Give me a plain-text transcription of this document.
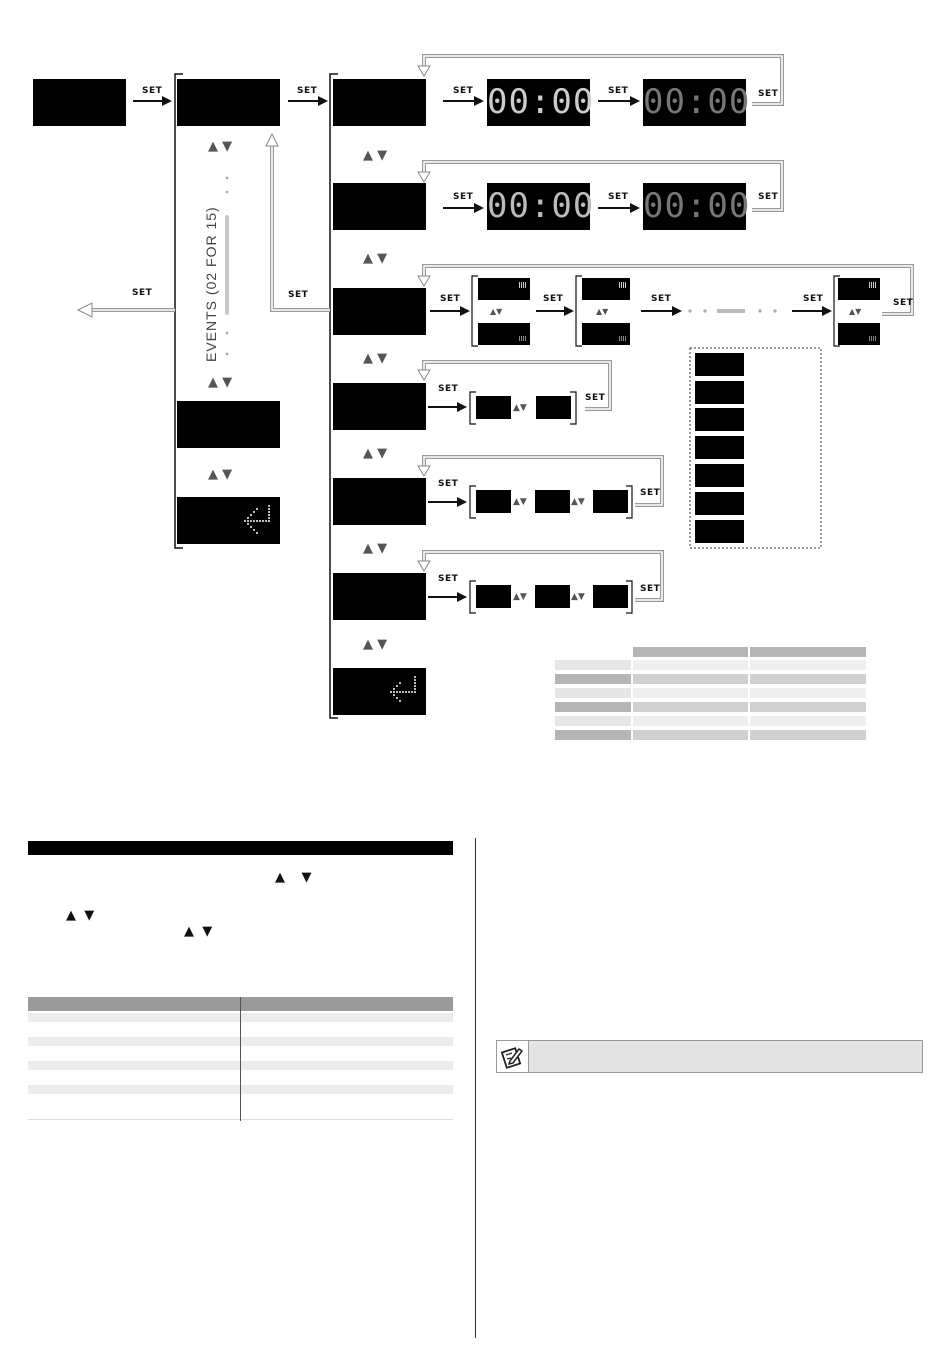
00:00 00:00
00:00 00:00
SET	SET	SET	SET	SET
SET	SET	SET
SET	SET	SET	SET	SET
SET
SET
SET
SET
SET
SET
SET
SET
▲ ▼
▲ ▼
▲ ▼
▲ ▼
▲ ▼
▲ ▼
▲ ▼
▲ ▼
▲ ▼
▲▼	▲▼	▲▼
▲▼
▲▼	▲▼
▲▼	▲▼
EVENTS (02 FOR 15)
▲ ▼
▲ ▼
▲ ▼
